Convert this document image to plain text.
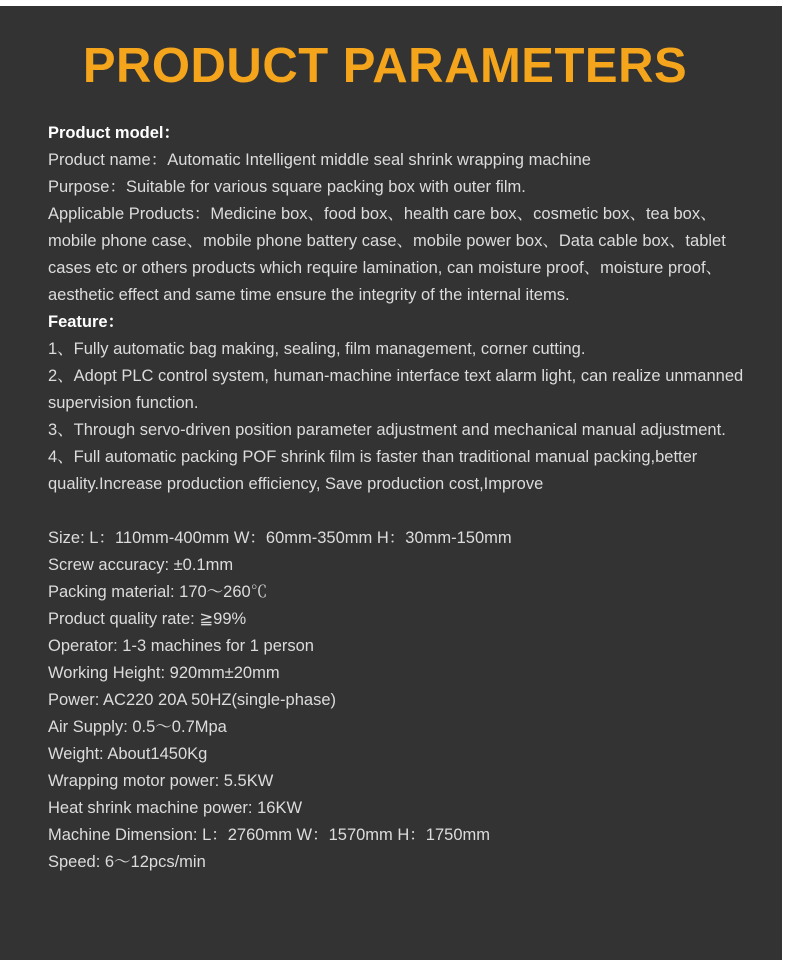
PRODUCT PARAMETERS

Product model：

Product name：Automatic Intelligent middle seal shrink wrapping machine

Purpose：Suitable for various square packing box with outer film.

Applicable Products：Medicine box、food box、health care box、cosmetic box、tea box、mobile phone case、mobile phone battery case、mobile power box、Data cable box、tablet cases etc or others products which require lamination, can moisture proof、moisture proof、aesthetic effect and same time ensure the integrity of the internal items.

Feature：

1、Fully automatic bag making, sealing, film management, corner cutting.

2、Adopt PLC control system, human-machine interface text alarm light, can realize unmanned supervision function.

3、Through servo-driven position parameter adjustment and mechanical manual adjustment.

4、Full automatic packing POF shrink film is faster than traditional manual packing,better quality.Increase production efficiency, Save production cost,Improve

Size: L：110mm-400mm W：60mm-350mm H：30mm-150mm

Screw accuracy: ±0.1mm

Packing material: 170～260℃

Product quality rate: ≧99%

Operator: 1-3 machines for 1 person

Working Height: 920mm±20mm

Power: AC220 20A 50HZ(single-phase)

Air Supply: 0.5～0.7Mpa

Weight: About1450Kg

Wrapping motor power: 5.5KW

Heat shrink machine power: 16KW

Machine Dimension: L：2760mm W：1570mm H：1750mm

Speed: 6～12pcs/min
